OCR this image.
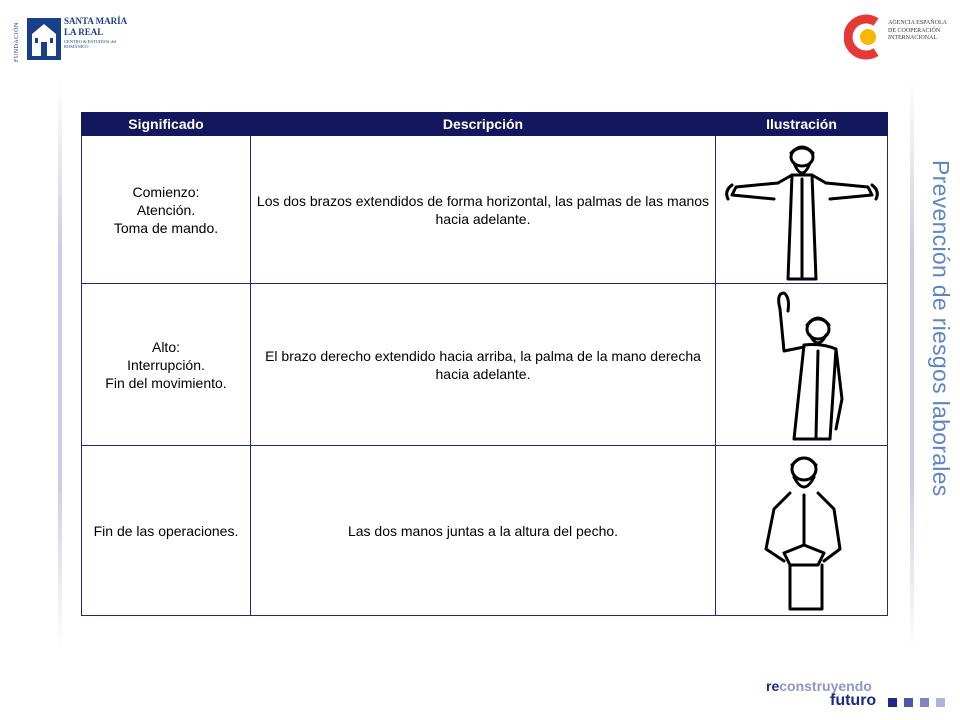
FUNDACIÓN
SANTA MARÍA
LA REAL
CENTRO & ESTUDIOS del ROMÁNICO
AGENCIA ESPAÑOLA DE COOPERACIÓN INTERNACIONAL
Prevención de riesgos laborales
Significado	Descripción	Ilustración

Comienzo:
Atención.
Toma de mando.	Los dos brazos extendidos de forma horizontal, las palmas de las manos hacia adelante.	

Alto:
Interrupción.
Fin del movimiento.	El brazo derecho extendido hacia arriba, la palma de la mano derecha hacia adelante.	

Fin de las operaciones.	Las dos manos juntas a la altura del pecho.	
reconstruyendo
futuro
